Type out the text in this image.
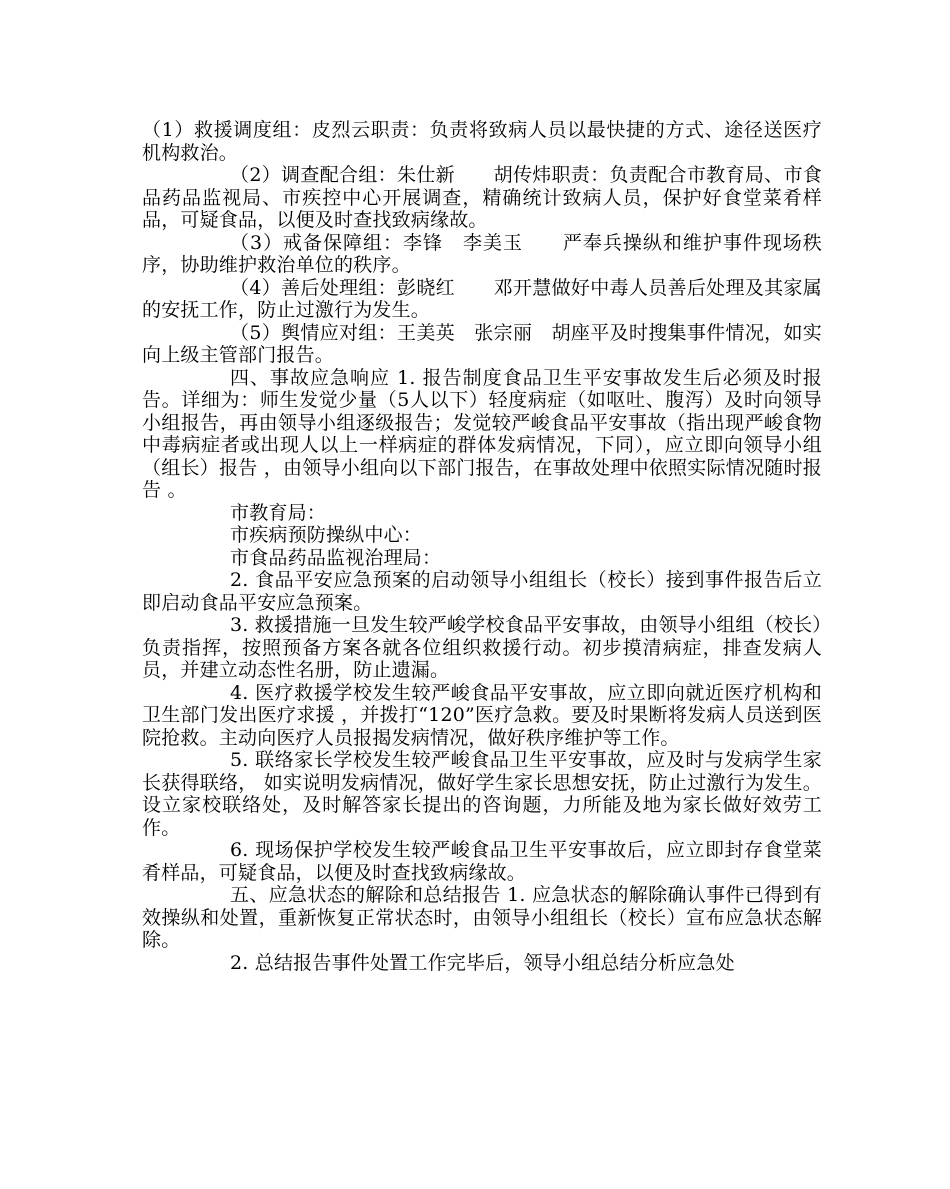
（1）救援调度组：皮烈云职责：负责将致病人员以最快捷的方式、途径送医疗机构救治。

（2）调查配合组：朱仕新　　胡传炜职责：负责配合市教育局、市食品药品监视局、市疾控中心开展调查，精确统计致病人员，保护好食堂菜肴样品，可疑食品，以便及时查找致病缘故。

（3）戒备保障组：李锋　李美玉　　严奉兵操纵和维护事件现场秩序，协助维护救治单位的秩序。

（4）善后处理组：彭晓红　　邓开慧做好中毒人员善后处理及其家属的安抚工作，防止过激行为发生。

（5）舆情应对组：王美英　张宗丽　胡座平及时搜集事件情况，如实向上级主管部门报告。

四、事故应急响应 1. 报告制度食品卫生平安事故发生后必须及时报告。详细为：师生发觉少量（5人以下）轻度病症（如呕吐、腹泻）及时向领导小组报告，再由领导小组逐级报告；发觉较严峻食品平安事故（指出现严峻食物中毒病症者或出现人以上一样病症的群体发病情况，下同），应立即向领导小组（组长）报告 ，由领导小组向以下部门报告，在事故处理中依照实际情况随时报告 。

市教育局：

市疾病预防操纵中心：

市食品药品监视治理局：

2. 食品平安应急预案的启动领导小组组长（校长）接到事件报告后立即启动食品平安应急预案。

3. 救援措施一旦发生较严峻学校食品平安事故，由领导小组组（校长）负责指挥，按照预备方案各就各位组织救援行动。初步摸清病症，排查发病人员，并建立动态性名册，防止遗漏。

4. 医疗救援学校发生较严峻食品平安事故，应立即向就近医疗机构和卫生部门发出医疗求援 ，并拨打“120”医疗急救。要及时果断将发病人员送到医院抢救。主动向医疗人员报揭发病情况，做好秩序维护等工作。

5. 联络家长学校发生较严峻食品卫生平安事故，应及时与发病学生家长获得联络， 如实说明发病情况，做好学生家长思想安抚，防止过激行为发生。设立家校联络处，及时解答家长提出的咨询题，力所能及地为家长做好效劳工作。

6. 现场保护学校发生较严峻食品卫生平安事故后，应立即封存食堂菜肴样品，可疑食品，以便及时查找致病缘故。

五、应急状态的解除和总结报告 1. 应急状态的解除确认事件已得到有效操纵和处置，重新恢复正常状态时，由领导小组组长（校长）宣布应急状态解除。

2. 总结报告事件处置工作完毕后，领导小组总结分析应急处
